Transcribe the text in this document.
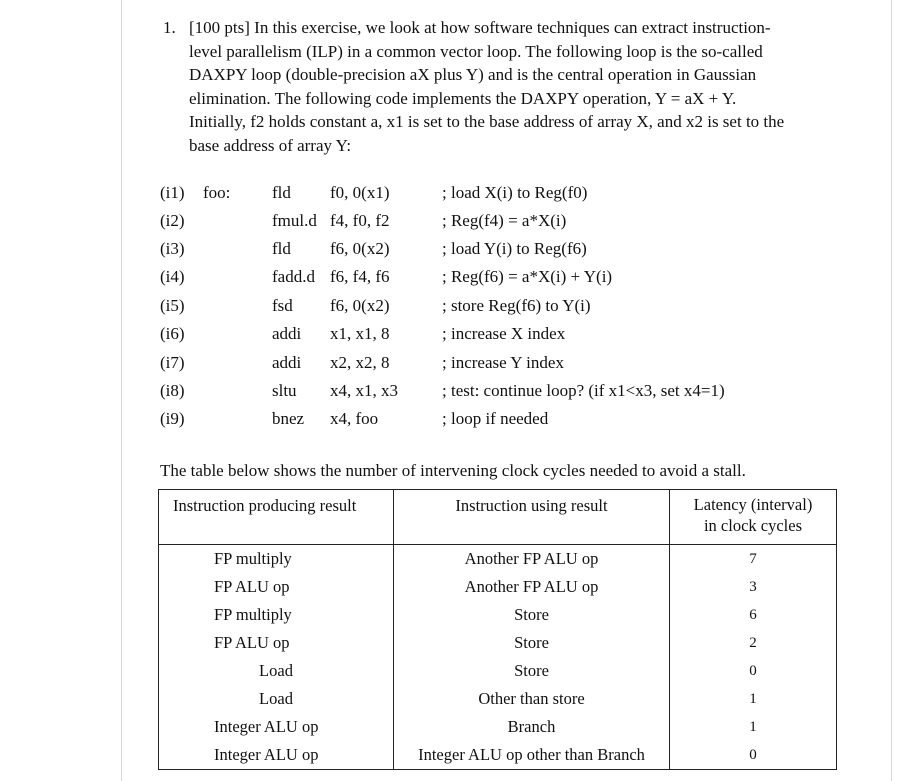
1. [100 pts] In this exercise, we look at how software techniques can extract instruction-
level parallelism (ILP) in a common vector loop. The following loop is the so-called
DAXPY loop (double-precision aX plus Y) and is the central operation in Gaussian
elimination. The following code implements the DAXPY operation, Y = aX + Y.
Initially, f2 holds constant a, x1 is set to the base address of array X, and x2 is set to the
base address of array Y:
(i1) foo: fld f0, 0(x1)	; load X(i) to Reg(f0)
(i2)	fmul.d f4, f0, f2	; Reg(f4) = a*X(i)
(i3)	fld f6, 0(x2)	; load Y(i) to Reg(f6)
(i4)	fadd.d f6, f4, f6	; Reg(f6) = a*X(i) + Y(i)
(i5)	fsd f6, 0(x2)	; store Reg(f6) to Y(i)
(i6)	addi x1, x1, 8	; increase X index
(i7)	addi x2, x2, 8	; increase Y index
(i8)	sltu x4, x1, x3	; test: continue loop? (if x1<x3, set x4=1)
(i9)	bnez x4, foo	; loop if needed
The table below shows the number of intervening clock cycles needed to avoid a stall.
Instruction producing result	Instruction using result	Latency (interval)
in clock cycles
FP multiply	Another FP ALU op	7
FP ALU op	Another FP ALU op	3
FP multiply	Store	6
FP ALU op	Store	2
Load	Store	0
Load	Other than store	1
Integer ALU op	Branch	1
Integer ALU op	Integer ALU op other than Branch	0
